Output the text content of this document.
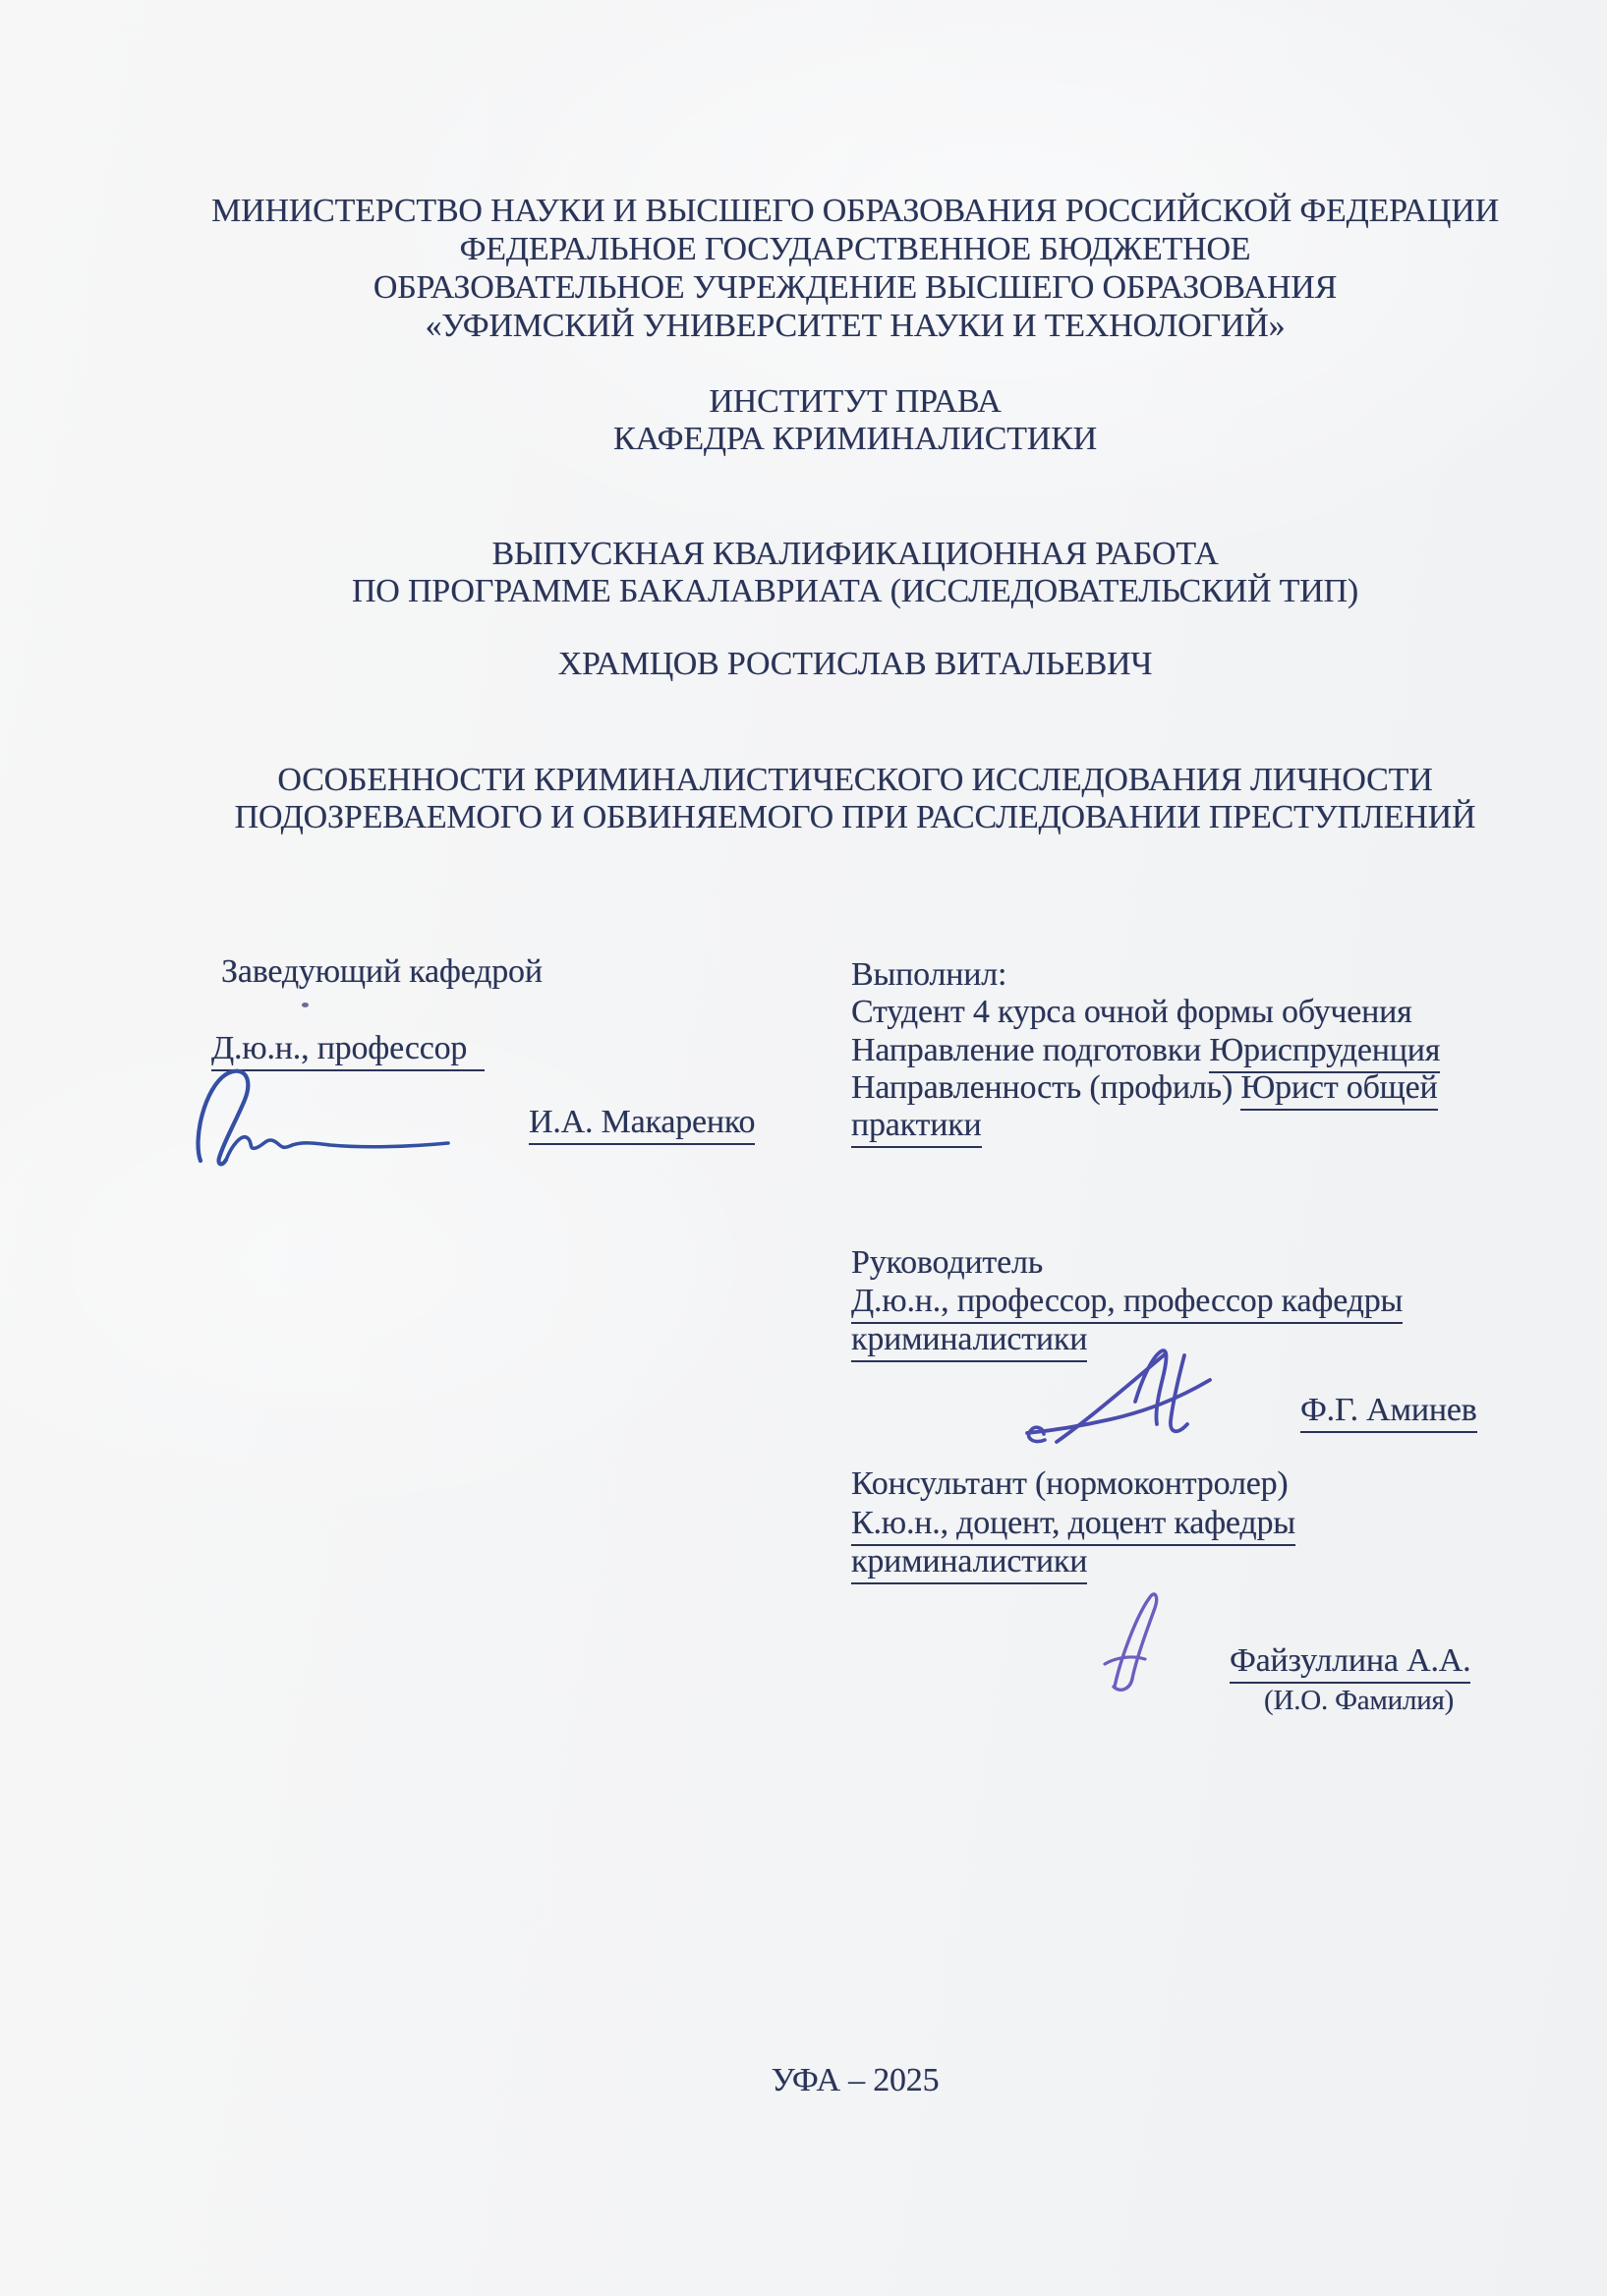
МИНИСТЕРСТВО НАУКИ И ВЫСШЕГО ОБРАЗОВАНИЯ РОССИЙСКОЙ ФЕДЕРАЦИИ
ФЕДЕРАЛЬНОЕ ГОСУДАРСТВЕННОЕ БЮДЖЕТНОЕ
ОБРАЗОВАТЕЛЬНОЕ УЧРЕЖДЕНИЕ ВЫСШЕГО ОБРАЗОВАНИЯ
«УФИМСКИЙ УНИВЕРСИТЕТ НАУКИ И ТЕХНОЛОГИЙ»
ИНСТИТУТ ПРАВА
КАФЕДРА КРИМИНАЛИСТИКИ
ВЫПУСКНАЯ КВАЛИФИКАЦИОННАЯ РАБОТА
ПО ПРОГРАММЕ БАКАЛАВРИАТА (ИССЛЕДОВАТЕЛЬСКИЙ ТИП)
ХРАМЦОВ РОСТИСЛАВ ВИТАЛЬЕВИЧ
ОСОБЕННОСТИ КРИМИНАЛИСТИЧЕСКОГО ИССЛЕДОВАНИЯ ЛИЧНОСТИ
ПОДОЗРЕВАЕМОГО И ОБВИНЯЕМОГО ПРИ РАССЛЕДОВАНИИ ПРЕСТУПЛЕНИЙ
Заведующий кафедрой
Д.ю.н., профессор
И.А. Макаренко
Выполнил:
Студент 4 курса очной формы обучения
Направление подготовки Юриспруденция
Направленность (профиль) Юрист общей
практики
Руководитель
Д.ю.н., профессор, профессор кафедры
криминалистики
Ф.Г. Аминев
Консультант (нормоконтролер)
К.ю.н., доцент, доцент кафедры
криминалистики
Файзуллина А.А.
(И.О. Фамилия)
УФА – 2025
